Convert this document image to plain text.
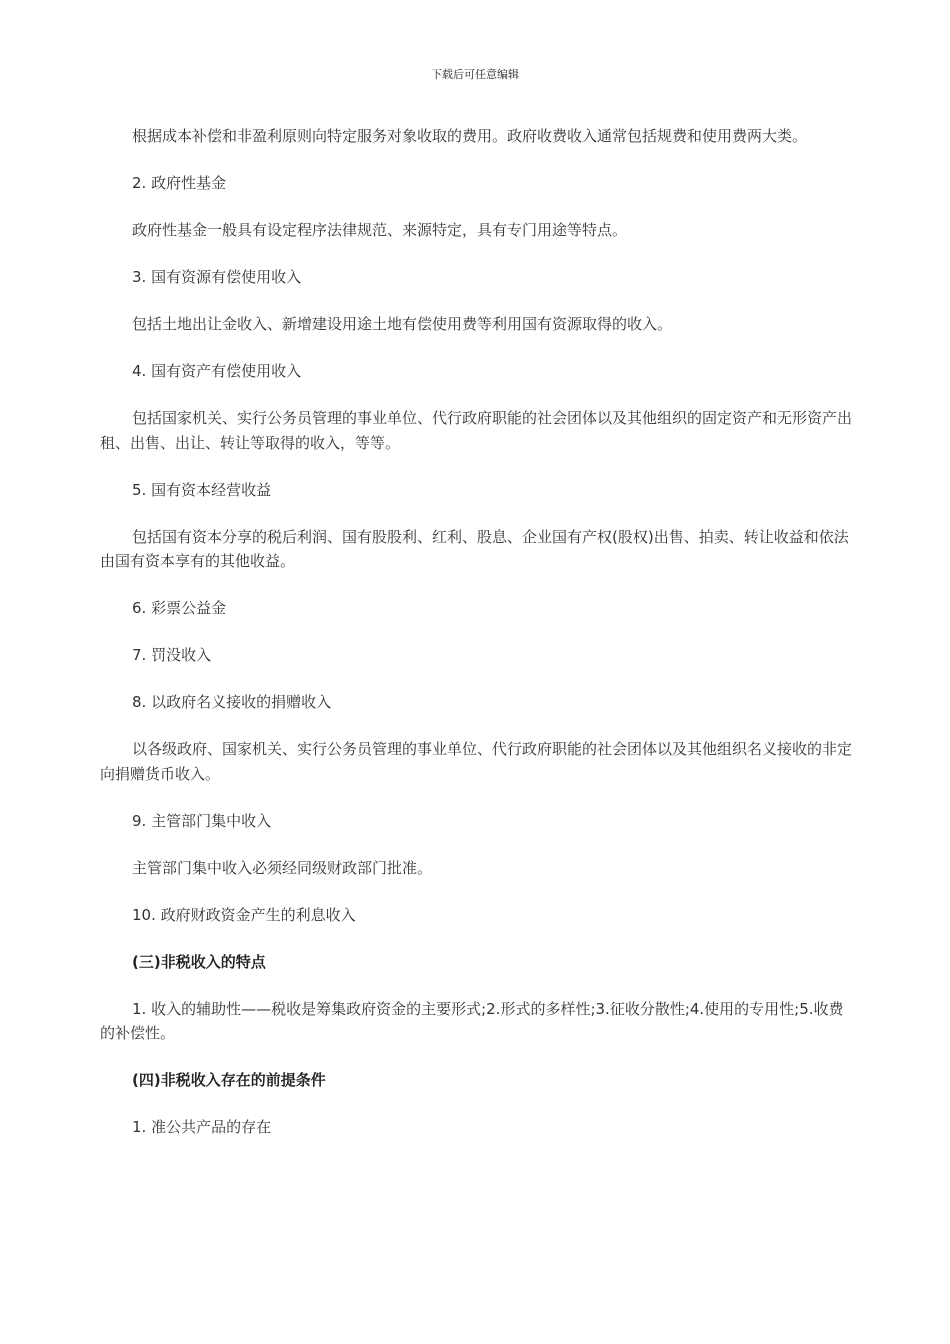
下载后可任意编辑

根据成本补偿和非盈利原则向特定服务对象收取的费用。政府收费收入通常包括规费和使用费两大类。

2. 政府性基金

政府性基金一般具有设定程序法律规范、来源特定，具有专门用途等特点。

3. 国有资源有偿使用收入

包括土地出让金收入、新增建设用途土地有偿使用费等利用国有资源取得的收入。

4. 国有资产有偿使用收入

包括国家机关、实行公务员管理的事业单位、代行政府职能的社会团体以及其他组织的固定资产和无形资产出租、出售、出让、转让等取得的收入，等等。

5. 国有资本经营收益

包括国有资本分享的税后利润、国有股股利、红利、股息、企业国有产权(股权)出售、拍卖、转让收益和依法由国有资本享有的其他收益。

6. 彩票公益金

7. 罚没收入

8. 以政府名义接收的捐赠收入

以各级政府、国家机关、实行公务员管理的事业单位、代行政府职能的社会团体以及其他组织名义接收的非定向捐赠货币收入。

9. 主管部门集中收入

主管部门集中收入必须经同级财政部门批准。

10. 政府财政资金产生的利息收入

(三)非税收入的特点

1. 收入的辅助性——税收是筹集政府资金的主要形式;2.形式的多样性;3.征收分散性;4.使用的专用性;5.收费的补偿性。

(四)非税收入存在的前提条件

1. 准公共产品的存在
